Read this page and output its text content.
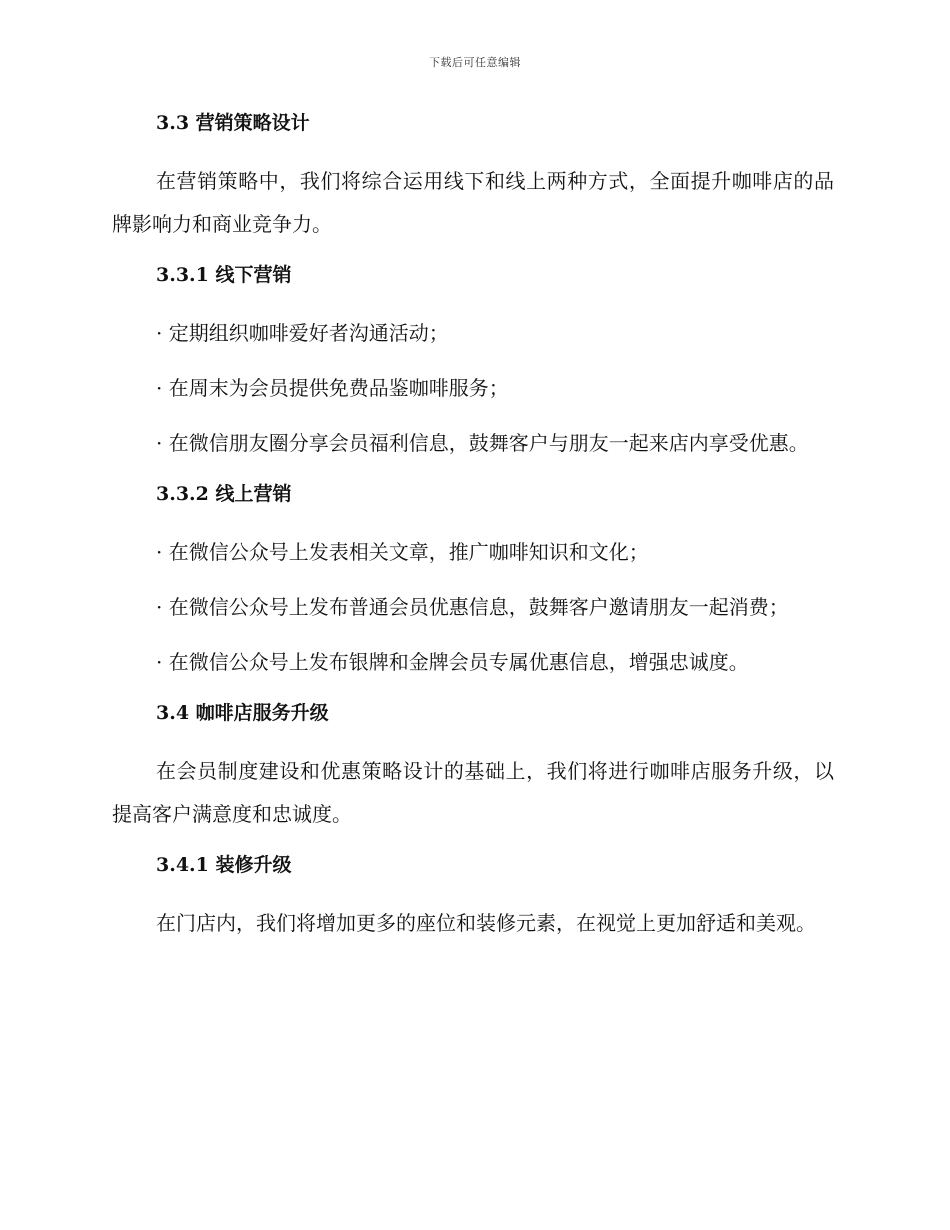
下载后可任意编辑
3.3 营销策略设计

在营销策略中，我们将综合运用线下和线上两种方式，全面提升咖啡店的品牌影响力和商业竞争力。

3.3.1 线下营销

· 定期组织咖啡爱好者沟通活动；

· 在周末为会员提供免费品鉴咖啡服务；

· 在微信朋友圈分享会员福利信息，鼓舞客户与朋友一起来店内享受优惠。

3.3.2 线上营销

· 在微信公众号上发表相关文章，推广咖啡知识和文化；

· 在微信公众号上发布普通会员优惠信息，鼓舞客户邀请朋友一起消费；

· 在微信公众号上发布银牌和金牌会员专属优惠信息，增强忠诚度。

3.4 咖啡店服务升级

在会员制度建设和优惠策略设计的基础上，我们将进行咖啡店服务升级，以提高客户满意度和忠诚度。

3.4.1 装修升级

在门店内，我们将增加更多的座位和装修元素，在视觉上更加舒适和美观。
